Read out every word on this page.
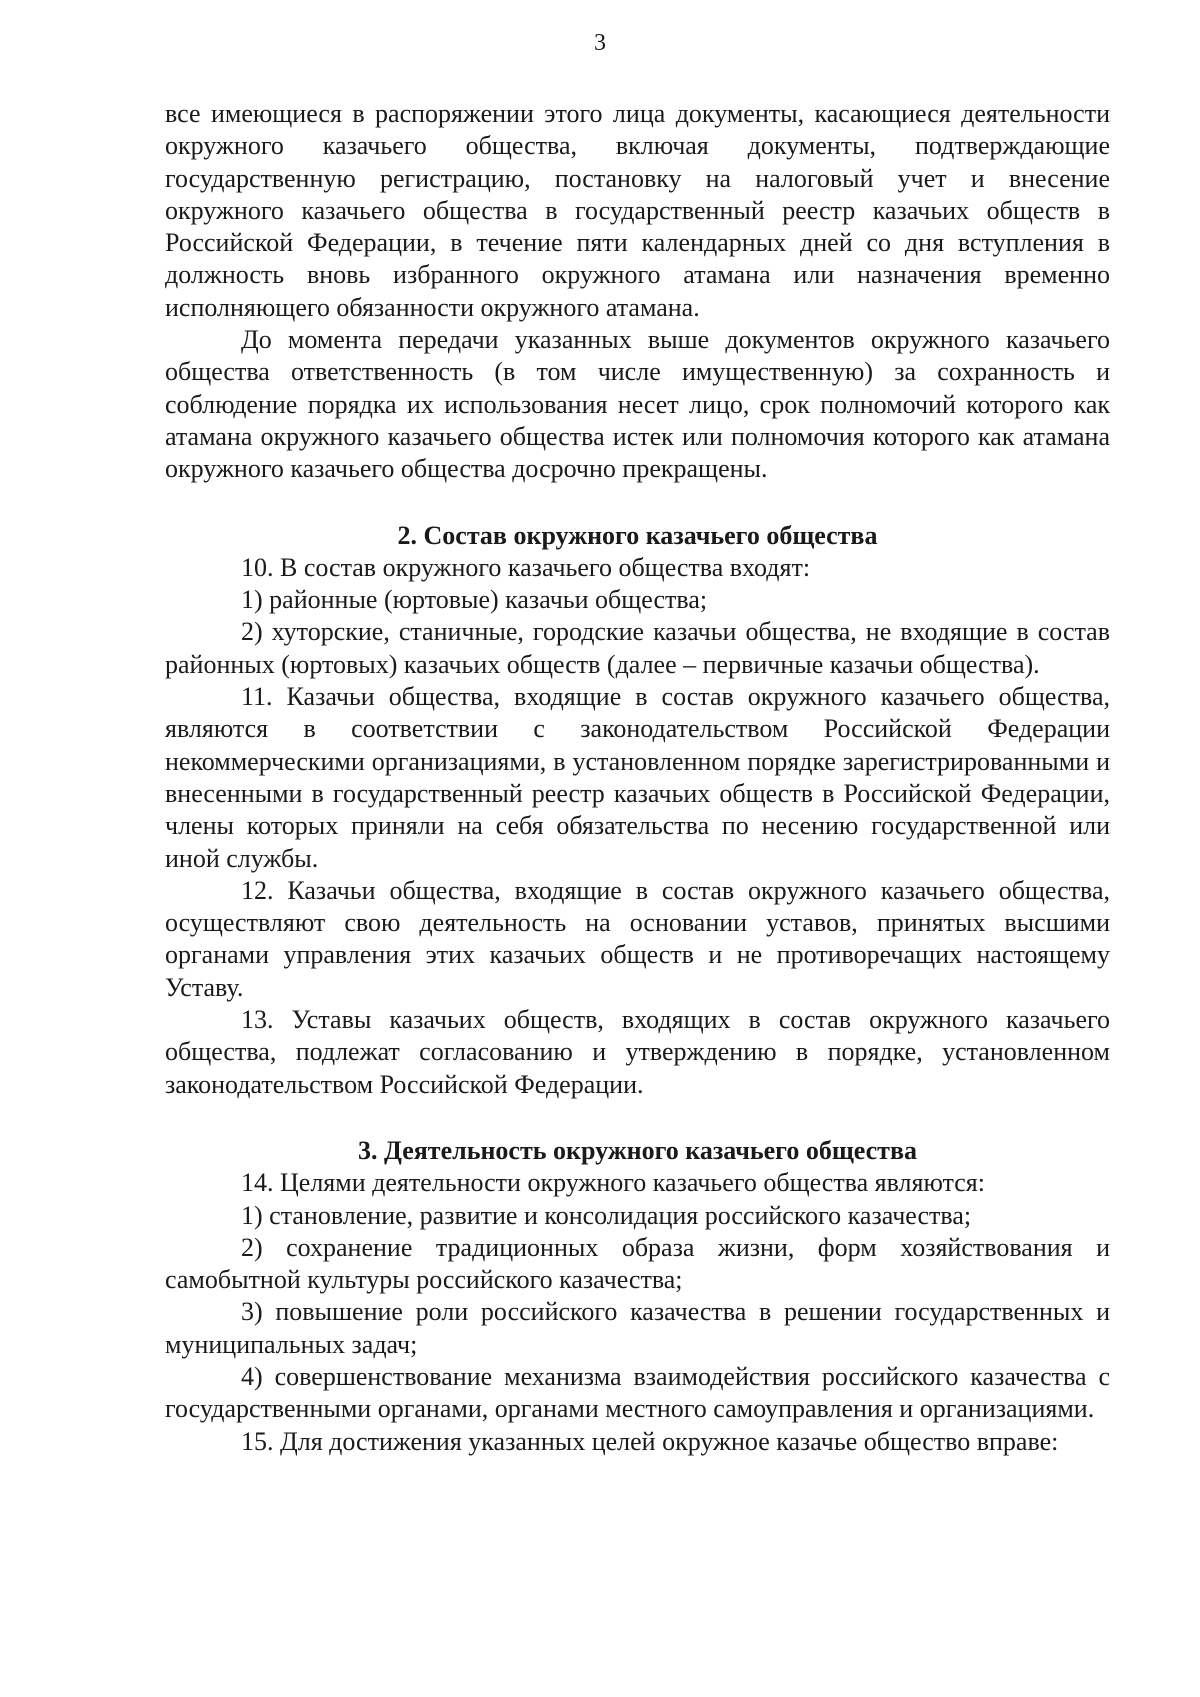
3

все имеющиеся в распоряжении этого лица документы, касающиеся деятельности окружного казачьего общества, включая документы, подтверждающие государственную регистрацию, постановку на налоговый учет и внесение окружного казачьего общества в государственный реестр казачьих обществ в Российской Федерации, в течение пяти календарных дней со дня вступления в должность вновь избранного окружного атамана или назначения временно исполняющего обязанности окружного атамана.

До момента передачи указанных выше документов окружного казачьего общества ответственность (в том числе имущественную) за сохранность и соблюдение порядка их использования несет лицо, срок полномочий которого как атамана окружного казачьего общества истек или полномочия которого как атамана окружного казачьего общества досрочно прекращены.

2. Состав окружного казачьего общества

10. В состав окружного казачьего общества входят:

1) районные (юртовые) казачьи общества;

2) хуторские, станичные, городские казачьи общества, не входящие в состав районных (юртовых) казачьих обществ (далее – первичные казачьи общества).

11. Казачьи общества, входящие в состав окружного казачьего общества, являются в соответствии с законодательством Российской Федерации некоммерческими организациями, в установленном порядке зарегистрированными и внесенными в государственный реестр казачьих обществ в Российской Федерации, члены которых приняли на себя обязательства по несению государственной или иной службы.

12. Казачьи общества, входящие в состав окружного казачьего общества, осуществляют свою деятельность на основании уставов, принятых высшими органами управления этих казачьих обществ и не противоречащих настоящему Уставу.

13. Уставы казачьих обществ, входящих в состав окружного казачьего общества, подлежат согласованию и утверждению в порядке, установленном законодательством Российской Федерации.

3. Деятельность окружного казачьего общества

14. Целями деятельности окружного казачьего общества являются:

1) становление, развитие и консолидация российского казачества;

2) сохранение традиционных образа жизни, форм хозяйствования и самобытной культуры российского казачества;

3) повышение роли российского казачества в решении государственных и муниципальных задач;

4) совершенствование механизма взаимодействия российского казачества с государственными органами, органами местного самоуправления и организациями.

15. Для достижения указанных целей окружное казачье общество вправе:
